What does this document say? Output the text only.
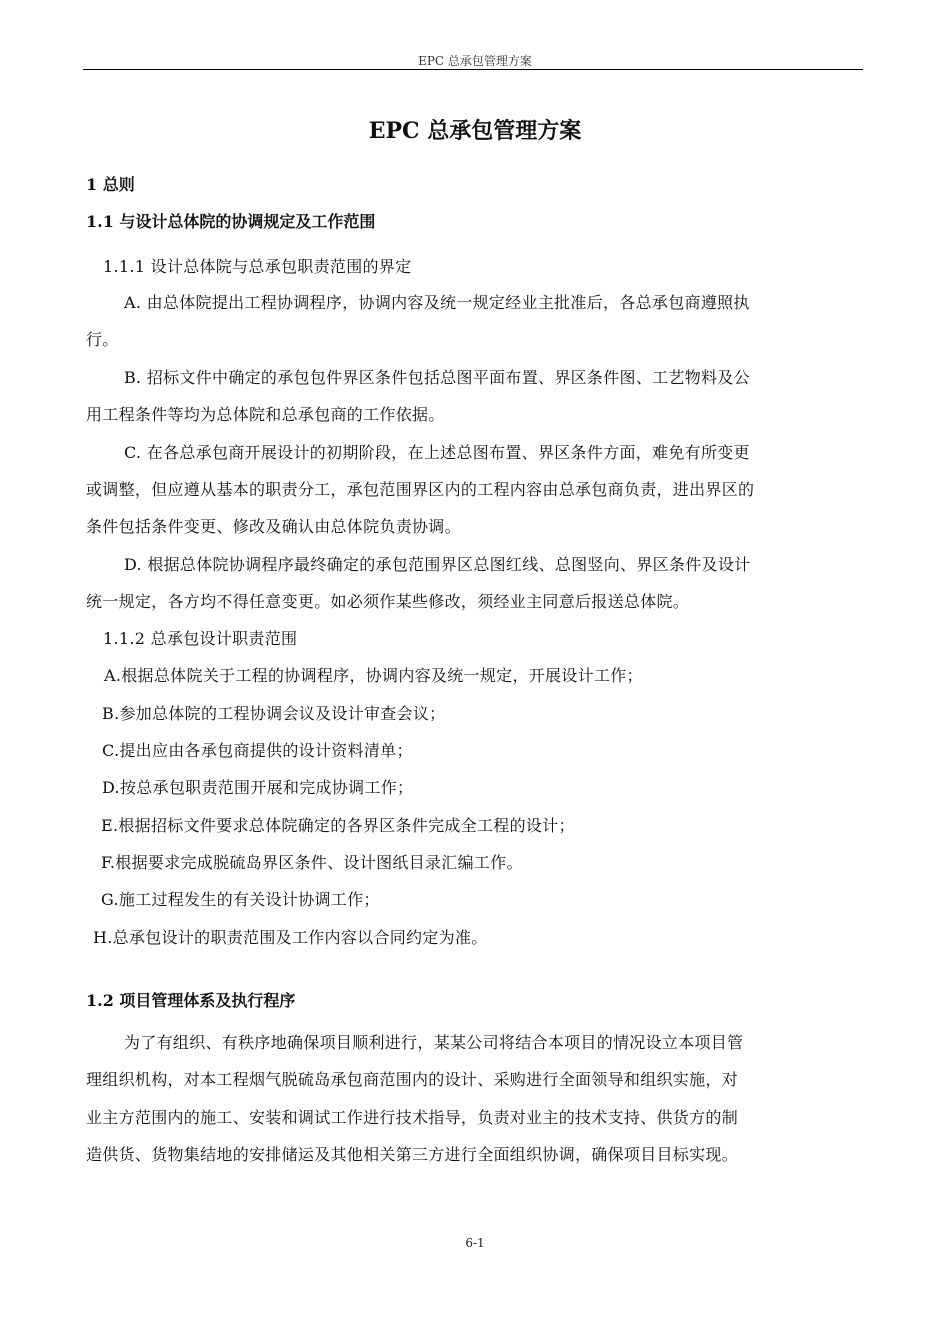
EPC 总承包管理方案
EPC 总承包管理方案
1 总则
1.1 与设计总体院的协调规定及工作范围
1.1.1 设计总体院与总承包职责范围的界定
A. 由总体院提出工程协调程序，协调内容及统一规定经业主批准后，各总承包商遵照执
行。
B. 招标文件中确定的承包包件界区条件包括总图平面布置、界区条件图、工艺物料及公
用工程条件等均为总体院和总承包商的工作依据。
C. 在各总承包商开展设计的初期阶段，在上述总图布置、界区条件方面，难免有所变更
或调整，但应遵从基本的职责分工，承包范围界区内的工程内容由总承包商负责，进出界区的
条件包括条件变更、修改及确认由总体院负责协调。
D. 根据总体院协调程序最终确定的承包范围界区总图红线、总图竖向、界区条件及设计
统一规定，各方均不得任意变更。如必须作某些修改，须经业主同意后报送总体院。
1.1.2 总承包设计职责范围
A.根据总体院关于工程的协调程序，协调内容及统一规定，开展设计工作；
B.参加总体院的工程协调会议及设计审查会议；
C.提出应由各承包商提供的设计资料清单；
D.按总承包职责范围开展和完成协调工作；
E.根据招标文件要求总体院确定的各界区条件完成全工程的设计；
F.根据要求完成脱硫岛界区条件、设计图纸目录汇编工作。
G.施工过程发生的有关设计协调工作；
H.总承包设计的职责范围及工作内容以合同约定为准。
1.2 项目管理体系及执行程序
为了有组织、有秩序地确保项目顺利进行，某某公司将结合本项目的情况设立本项目管
理组织机构，对本工程烟气脱硫岛承包商范围内的设计、采购进行全面领导和组织实施，对
业主方范围内的施工、安装和调试工作进行技术指导，负责对业主的技术支持、供货方的制
造供货、货物集结地的安排储运及其他相关第三方进行全面组织协调，确保项目目标实现。
6-1
